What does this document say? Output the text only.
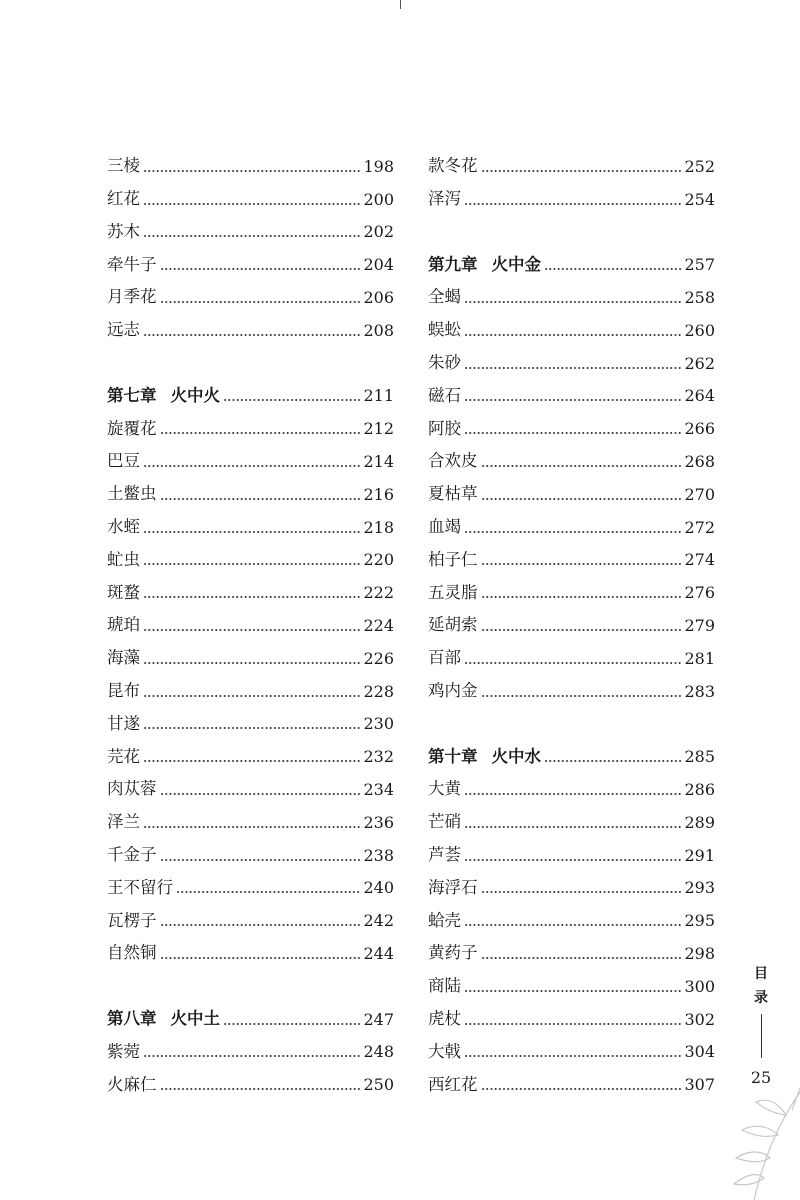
三棱	198
红花	200
苏木	202
牵牛子	204
月季花	206
远志	208
第七章 火中火	211
旋覆花	212
巴豆	214
土鳖虫	216
水蛭	218
虻虫	220
斑蝥	222
琥珀	224
海藻	226
昆布	228
甘遂	230
芫花	232
肉苁蓉	234
泽兰	236
千金子	238
王不留行	240
瓦楞子	242
自然铜	244
第八章 火中土	247
紫菀	248
火麻仁	250
款冬花	252
泽泻	254
第九章 火中金	257
全蝎	258
蜈蚣	260
朱砂	262
磁石	264
阿胶	266
合欢皮	268
夏枯草	270
血竭	272
柏子仁	274
五灵脂	276
延胡索	279
百部	281
鸡内金	283
第十章 火中水	285
大黄	286
芒硝	289
芦荟	291
海浮石	293
蛤壳	295
黄药子	298
商陆	300
虎杖	302
大戟	304
西红花	307
目
录
25
